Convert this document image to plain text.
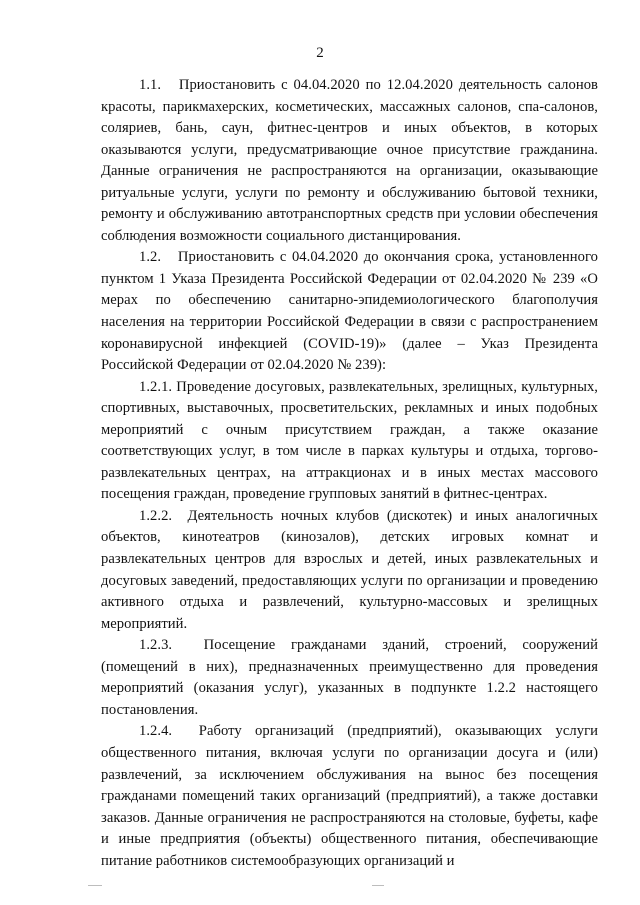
2

1.1.   Приостановить с 04.04.2020 по 12.04.2020 деятельность салонов красоты, парикмахерских, косметических, массажных салонов, спа-салонов, соляриев, бань, саун, фитнес-центров и иных объектов, в которых оказываются услуги, предусматривающие очное присутствие гражданина. Данные ограничения не распространяются на организации, оказывающие ритуальные услуги, услуги по ремонту и обслуживанию бытовой техники, ремонту и обслуживанию автотранспортных средств при условии обеспечения соблюдения возможности социального дистанцирования.

1.2.   Приостановить с 04.04.2020 до окончания срока, установленного пунктом 1 Указа Президента Российской Федерации от 02.04.2020 № 239 «О мерах по обеспечению санитарно-эпидемиологического благополучия населения на территории Российской Федерации в связи с распространением коронавирусной инфекцией (COVID-19)» (далее – Указ Президента Российской Федерации от 02.04.2020 № 239):

1.2.1. Проведение досуговых, развлекательных, зрелищных, культурных, спортивных, выставочных, просветительских, рекламных и иных подобных мероприятий с очным присутствием граждан, а также оказание соответствующих услуг, в том числе в парках культуры и отдыха, торгово-развлекательных центрах, на аттракционах и в иных местах массового посещения граждан, проведение групповых занятий в фитнес-центрах.

1.2.2.  Деятельность ночных клубов (дискотек) и иных аналогичных объектов, кинотеатров (кинозалов), детских игровых комнат и развлекательных центров для взрослых и детей, иных развлекательных и досуговых заведений, предоставляющих услуги по организации и проведению активного отдыха и развлечений, культурно-массовых и зрелищных мероприятий.

1.2.3.  Посещение гражданами зданий, строений, сооружений (помещений в них), предназначенных преимущественно для проведения мероприятий (оказания услуг), указанных в подпункте 1.2.2 настоящего постановления.

1.2.4.  Работу организаций (предприятий), оказывающих услуги общественного питания, включая услуги по организации досуга и (или) развлечений, за исключением обслуживания на вынос без посещения гражданами помещений таких организаций (предприятий), а также доставки заказов. Данные ограничения не распространяются на столовые, буфеты, кафе и иные предприятия (объекты) общественного питания, обеспечивающие питание работников системообразующих организаций и
